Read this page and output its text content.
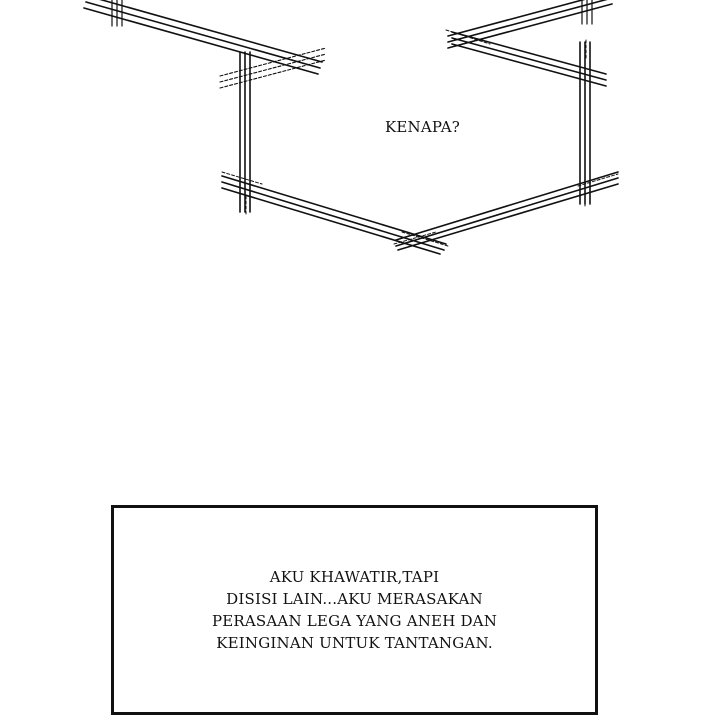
KENAPA?
AKU KHAWATIR,TAPI
DISISI LAIN...AKU MERASAKAN
PERASAAN LEGA YANG ANEH DAN
KEINGINAN UNTUK TANTANGAN.
